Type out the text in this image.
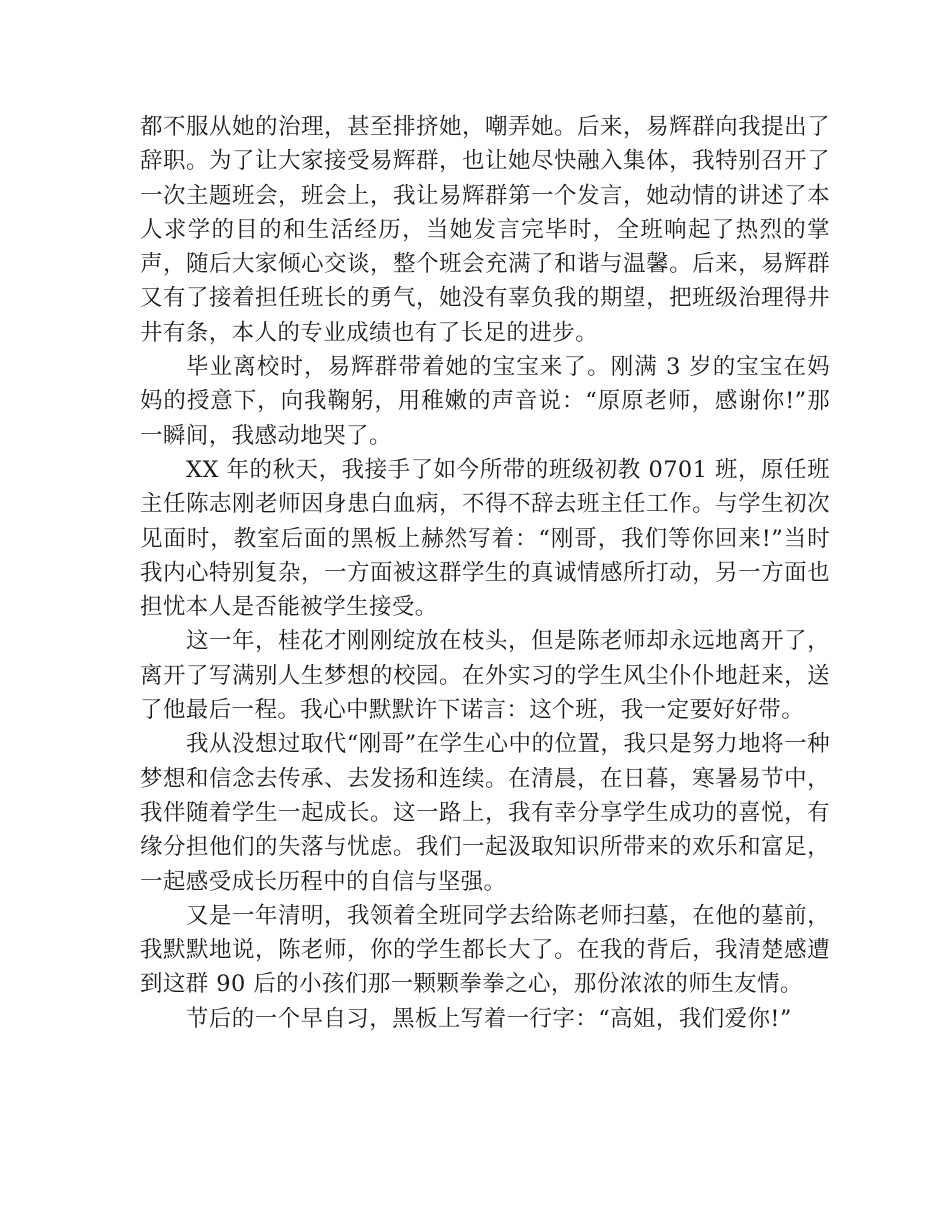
都不服从她的治理，甚至排挤她，嘲弄她。后来，易辉群向我提出了辞职。为了让大家接受易辉群，也让她尽快融入集体，我特别召开了一次主题班会，班会上，我让易辉群第一个发言，她动情的讲述了本人求学的目的和生活经历，当她发言完毕时，全班响起了热烈的掌声，随后大家倾心交谈，整个班会充满了和谐与温馨。后来，易辉群又有了接着担任班长的勇气，她没有辜负我的期望，把班级治理得井井有条，本人的专业成绩也有了长足的进步。

毕业离校时，易辉群带着她的宝宝来了。刚满 3 岁的宝宝在妈妈的授意下，向我鞠躬，用稚嫩的声音说：“原原老师，感谢你!”那一瞬间，我感动地哭了。

XX 年的秋天，我接手了如今所带的班级初教 0701 班，原任班主任陈志刚老师因身患白血病，不得不辞去班主任工作。与学生初次见面时，教室后面的黑板上赫然写着：“刚哥，我们等你回来!”当时我内心特别复杂，一方面被这群学生的真诚情感所打动，另一方面也担忧本人是否能被学生接受。

这一年，桂花才刚刚绽放在枝头，但是陈老师却永远地离开了，离开了写满别人生梦想的校园。在外实习的学生风尘仆仆地赶来，送了他最后一程。我心中默默许下诺言：这个班，我一定要好好带。

我从没想过取代“刚哥”在学生心中的位置，我只是努力地将一种梦想和信念去传承、去发扬和连续。在清晨，在日暮，寒暑易节中，我伴随着学生一起成长。这一路上，我有幸分享学生成功的喜悦，有缘分担他们的失落与忧虑。我们一起汲取知识所带来的欢乐和富足，一起感受成长历程中的自信与坚强。

又是一年清明，我领着全班同学去给陈老师扫墓，在他的墓前，我默默地说，陈老师，你的学生都长大了。在我的背后，我清楚感遭到这群 90 后的小孩们那一颗颗拳拳之心，那份浓浓的师生友情。

节后的一个早自习，黑板上写着一行字：“高姐，我们爱你!”
